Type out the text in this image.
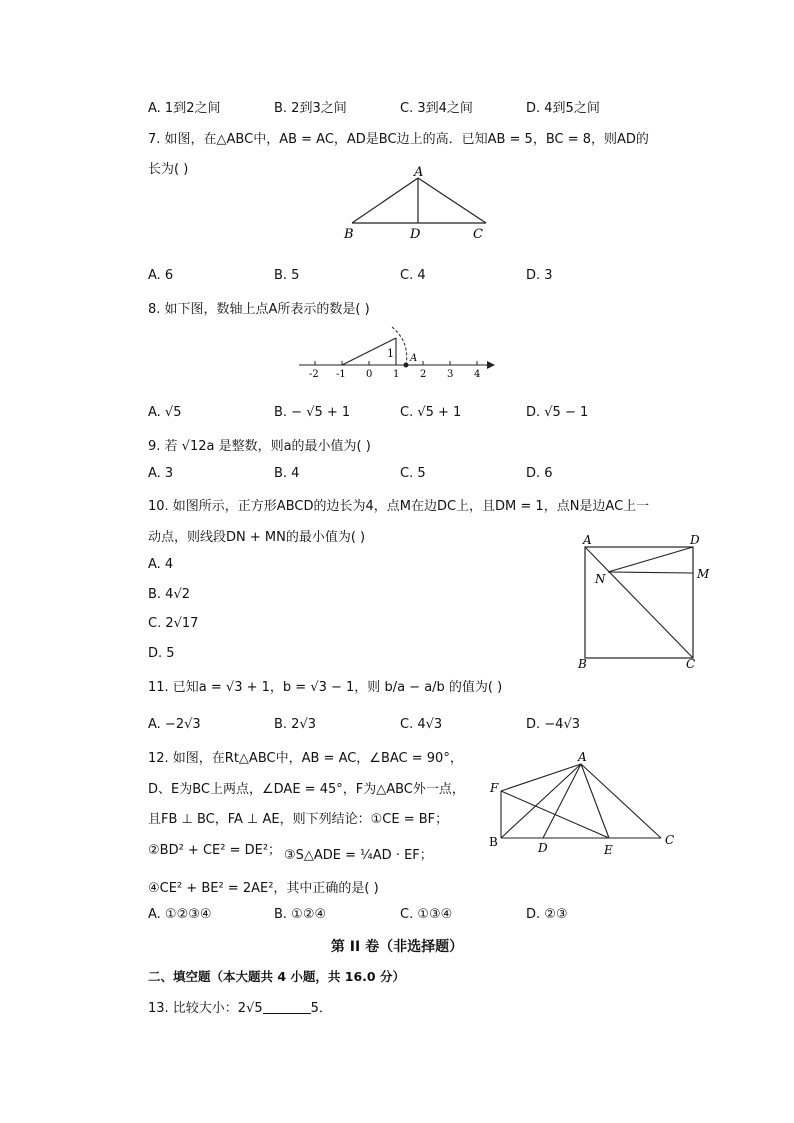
A. 1到2之间	B. 2到3之间	C. 3到4之间	D. 4到5之间
7. 如图，在△ABC中，AB = AC，AD是BC边上的高．已知AB = 5，BC = 8，则AD的
长为( )	A
B	D	C
A. 6	B. 5	C. 4	D. 3
8. 如下图，数轴上点A所表示的数是( )
-2 -1 0 1 2 3 4
1 A
A. √5	B. − √5 + 1	C. √5 + 1	D. √5 − 1
9. 若 √12a 是整数，则a的最小值为( )
A. 3	B. 4	C. 5	D. 6
10. 如图所示，正方形ABCD的边长为4，点M在边DC上，且DM = 1，点N是边AC上一
动点，则线段DN + MN的最小值为( )
A. 4
B. 4√2
C. 2√17
D. 5
A	D
M
N
B	C
11. 已知a = √3 + 1，b = √3 − 1，则 b/a − a/b 的值为( )
A. −2√3	B. 2√3	C. 4√3	D. −4√3
12. 如图，在Rt△ABC中，AB = AC，∠BAC = 90°，
D、E为BC上两点，∠DAE = 45°，F为△ABC外一点，
且FB ⊥ BC，FA ⊥ AE，则下列结论：①CE = BF；
②BD² + CE² = DE²； ③S△ADE = ¼AD · EF；
④CE² + BE² = 2AE²，其中正确的是( )
A
F
B	D	E
C
A. ①②③④	B. ①②④	C. ①③④	D. ②③
第 II 卷（非选择题）
二、填空题（本大题共 4 小题，共 16.0 分）
13. 比较大小：2√5	5．
